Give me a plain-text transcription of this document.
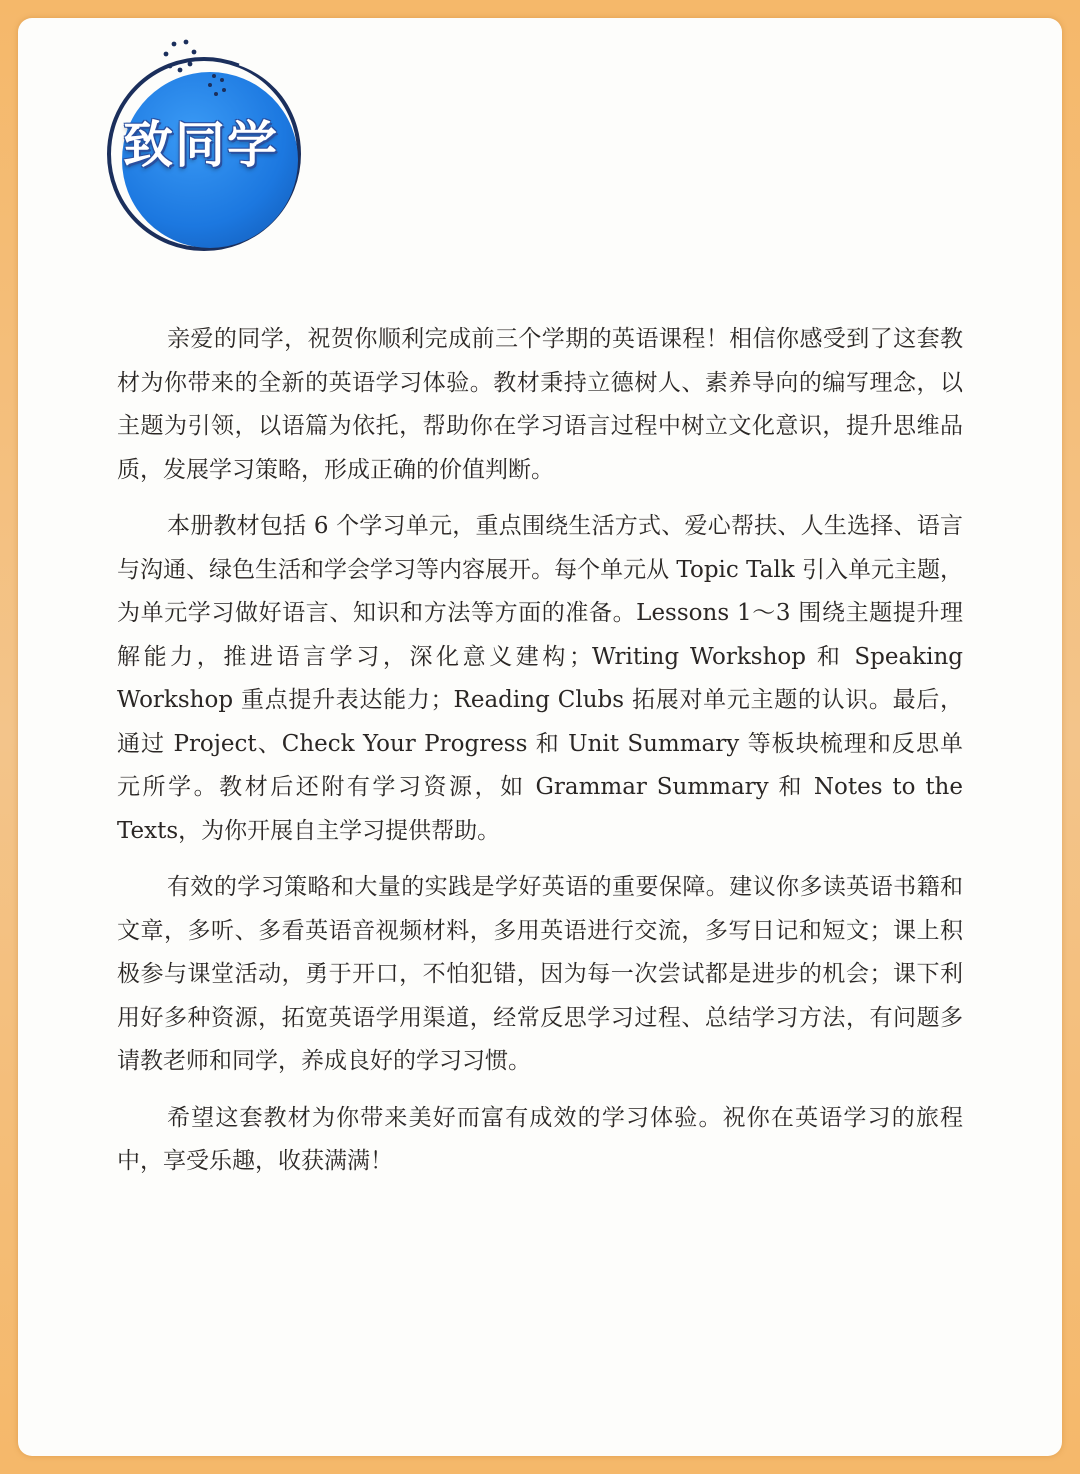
致同学

亲爱的同学，祝贺你顺利完成前三个学期的英语课程！相信你感受到了这套教材为你带来的全新的英语学习体验。教材秉持立德树人、素养导向的编写理念，以主题为引领，以语篇为依托，帮助你在学习语言过程中树立文化意识，提升思维品质，发展学习策略，形成正确的价值判断。

本册教材包括 6 个学习单元，重点围绕生活方式、爱心帮扶、人生选择、语言与沟通、绿色生活和学会学习等内容展开。每个单元从 Topic Talk 引入单元主题，为单元学习做好语言、知识和方法等方面的准备。Lessons 1～3 围绕主题提升理解能力，推进语言学习，深化意义建构；Writing Workshop 和 Speaking Workshop 重点提升表达能力；Reading Clubs 拓展对单元主题的认识。最后，通过 Project、Check Your Progress 和 Unit Summary 等板块梳理和反思单元所学。教材后还附有学习资源，如 Grammar Summary 和 Notes to the Texts，为你开展自主学习提供帮助。

有效的学习策略和大量的实践是学好英语的重要保障。建议你多读英语书籍和文章，多听、多看英语音视频材料，多用英语进行交流，多写日记和短文；课上积极参与课堂活动，勇于开口，不怕犯错，因为每一次尝试都是进步的机会；课下利用好多种资源，拓宽英语学用渠道，经常反思学习过程、总结学习方法，有问题多请教老师和同学，养成良好的学习习惯。

希望这套教材为你带来美好而富有成效的学习体验。祝你在英语学习的旅程中，享受乐趣，收获满满！
